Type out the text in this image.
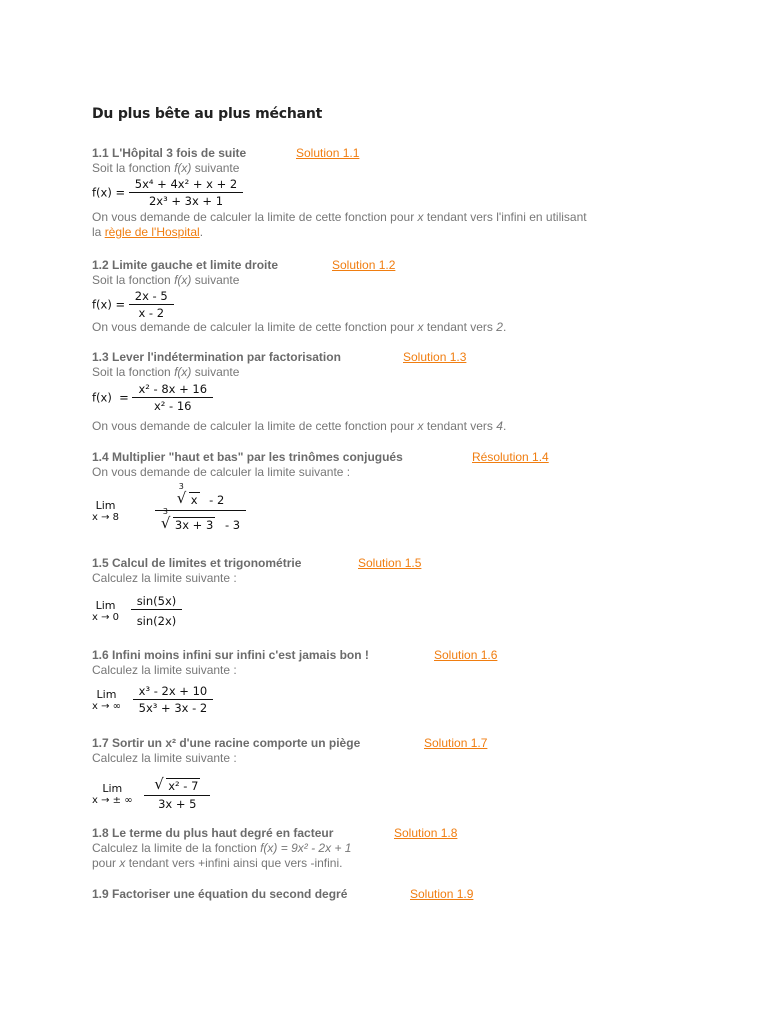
Du plus bête au plus méchant
1.1 L'Hôpital 3 fois de suite	Solution 1.1
Soit la fonction f(x) suivante
$f(x) = \frac{\text{5x⁴ + 4x² + x + 2}}{\text{2x³ + 3x + 1}}$
On vous demande de calculer la limite de cette fonction pour x tendant vers l'infini en utilisant
la règle de l'Hospital.
1.2 Limite gauche et limite droite	Solution 1.2
Soit la fonction f(x) suivante
$f(x) = \frac{2x - 5}{x - 2}$
On vous demande de calculer la limite de cette fonction pour x tendant vers 2.
1.3 Lever l'indétermination par factorisation	Solution 1.3
Soit la fonction f(x) suivante
$f(x) = \frac{\text{x² - 8x + 16}}{\text{x² - 16}}$
On vous demande de calculer la limite de cette fonction pour x tendant vers 4.
1.4 Multiplier "haut et bas" par les trinômes conjugués	Résolution 1.4
On vous demande de calculer la limite suivante :
Lim
x → 8
	3
√ x - 2
3
√ 3x + 3 - 3
1.5 Calcul de limites et trigonométrie	Solution 1.5
Calculez la limite suivante :
Lim
x → 0
$\frac{\sin(5x)}{\sin(2x)}$
1.6 Infini moins infini sur infini c'est jamais bon !	Solution 1.6
Calculez la limite suivante :
Lim
x → ∞
$\frac{\text{x³ - 2x + 10}}{\text{5x³ + 3x - 2}}$
1.7 Sortir un x² d'une racine comporte un piège	Solution 1.7
Calculez la limite suivante :
Lim
x → ± ∞
$\frac{\text{√ x² - 7}}{3x + 5}$
1.8 Le terme du plus haut degré en facteur	Solution 1.8
Calculez la limite de la fonction f(x) = 9x² - 2x + 1
pour x tendant vers +infini ainsi que vers -infini.
1.9 Factoriser une équation du second degré	Solution 1.9
